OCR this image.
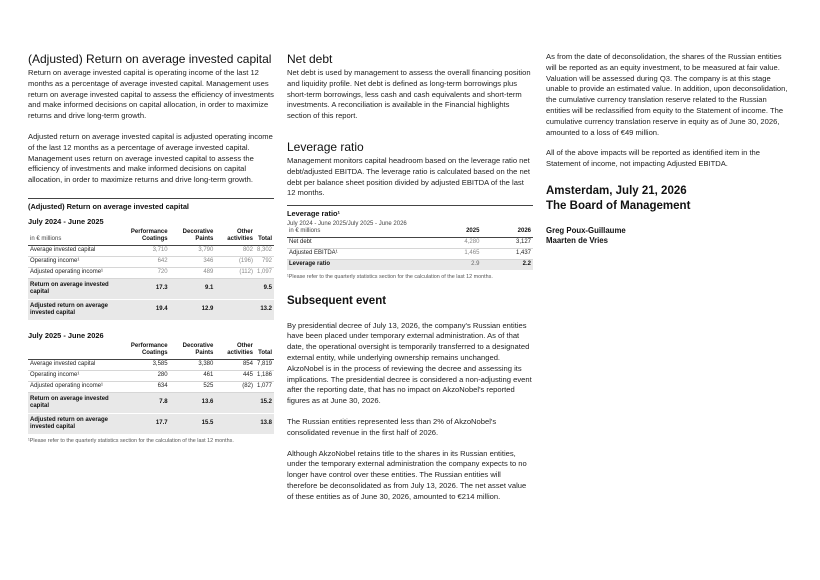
(Adjusted) Return on average invested capital
Return on average invested capital is operating income of the last 12 months as a percentage of average invested capital. Management uses return on average invested capital to assess the efficiency of investments and make informed decisions on capital allocation, in order to maximize returns and drive long-term growth.
Adjusted return on average invested capital is adjusted operating income of the last 12 months as a percentage of average invested capital. Management uses return on average invested capital to assess the efficiency of investments and make informed decisions on capital allocation, in order to maximize returns and drive long-term growth.
(Adjusted) Return on average invested capital
July 2024 - June 2025
in € millions	Performance Coatings	Decorative Paints	Other activities	Total
Average invested capital	3,710	3,790	802	8,302
Operating income¹	642	346	(196)	792
Adjusted operating income¹	720	489	(112)	1,097
Return on average invested capital	17.3	9.1		9.5
Adjusted return on average invested capital	19.4	12.9		13.2
July 2025 - June 2026
	Performance Coatings	Decorative Paints	Other activities	Total
Average invested capital	3,585	3,380	854	7,819
Operating income¹	280	461	445	1,186
Adjusted operating income¹	634	525	(82)	1,077
Return on average invested capital	7.8	13.6		15.2
Adjusted return on average invested capital	17.7	15.5		13.8
¹Please refer to the quarterly statistics section for the calculation of the last 12 months.
Net debt
Net debt is used by management to assess the overall financing position and liquidity profile. Net debt is defined as long-term borrowings plus short-term borrowings, less cash and cash equivalents and short-term investments. A reconciliation is available in the Financial highlights section of this report.
Leverage ratio
Management monitors capital headroom based on the leverage ratio net debt/adjusted EBITDA. The leverage ratio is calculated based on the net debt per balance sheet position divided by adjusted EBITDA of the last 12 months.
Leverage ratio¹
July 2024 - June 2025/July 2025 - June 2026
in € millions	2025	2026
Net debt	4,280	3,127
Adjusted EBITDA¹	1,465	1,437
Leverage ratio	2.9	2.2
¹Please refer to the quarterly statistics section for the calculation of the last 12 months.
Subsequent event
By presidential decree of July 13, 2026, the company's Russian entities have been placed under temporary external administration. As of that date, the operational oversight is temporarily transferred to a designated external entity, while underlying ownership remains unchanged. AkzoNobel is in the process of reviewing the decree and assessing its implications. The presidential decree is considered a non-adjusting event after the reporting date, that has no impact on AkzoNobel's reported figures as at June 30, 2026.
The Russian entities represented less than 2% of AkzoNobel's consolidated revenue in the first half of 2026.
Although AkzoNobel retains title to the shares in its Russian entities, under the temporary external administration the company expects to no longer have control over these entities. The Russian entities will therefore be deconsolidated as from July 13, 2026. The net asset value of these entities as of June 30, 2026, amounted to €214 million.
As from the date of deconsolidation, the shares of the Russian entities will be reported as an equity investment, to be measured at fair value. Valuation will be assessed during Q3. The company is at this stage unable to provide an estimated value. In addition, upon deconsolidation, the cumulative currency translation reserve related to the Russian entities will be reclassified from equity to the Statement of income. The cumulative currency translation reserve in equity as of June 30, 2026, amounted to a loss of €49 million.
All of the above impacts will be reported as identified item in the Statement of income, not impacting Adjusted EBITDA.
Amsterdam, July 21, 2026
The Board of Management
Greg Poux-Guillaume
Maarten de Vries
